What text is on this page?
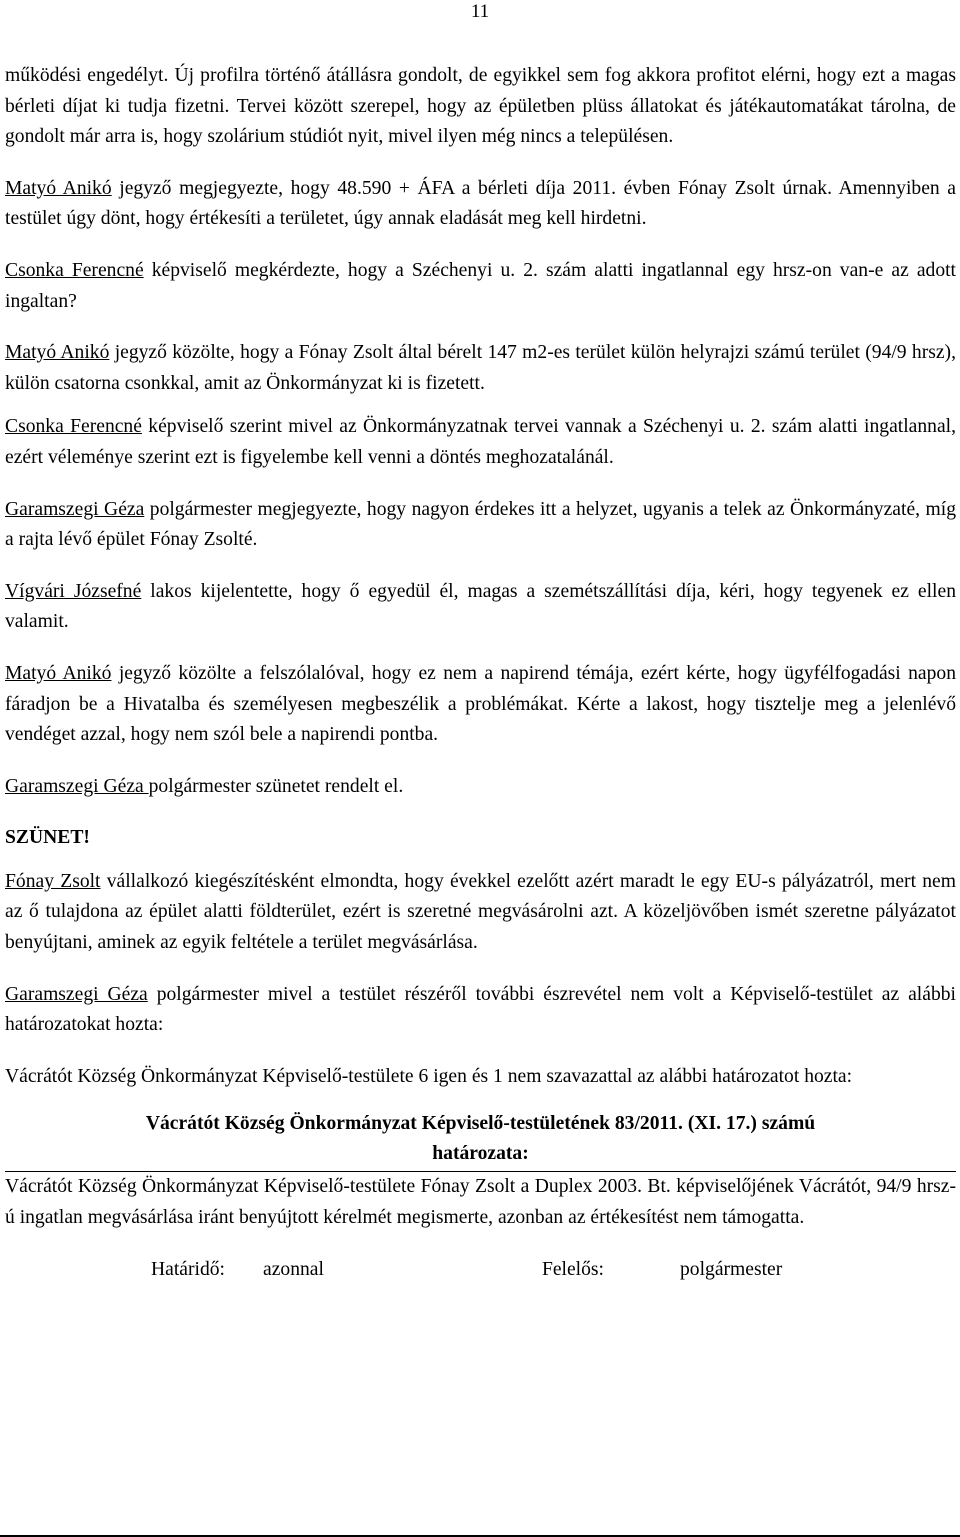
11

működési engedélyt. Új profilra történő átállásra gondolt, de egyikkel sem fog akkora profitot elérni, hogy ezt a magas bérleti díjat ki tudja fizetni. Tervei között szerepel, hogy az épületben plüss állatokat és játékautomatákat tárolna, de gondolt már arra is, hogy szolárium stúdiót nyit, mivel ilyen még nincs a településen.

Matyó Anikó jegyző megjegyezte, hogy 48.590 + ÁFA a bérleti díja 2011. évben Fónay Zsolt úrnak. Amennyiben a testület úgy dönt, hogy értékesíti a területet, úgy annak eladását meg kell hirdetni.

Csonka Ferencné képviselő megkérdezte, hogy a Széchenyi u. 2. szám alatti ingatlannal egy hrsz-on van-e az adott ingaltan?

Matyó Anikó jegyző közölte, hogy a Fónay Zsolt által bérelt 147 m2-es terület külön helyrajzi számú terület (94/9 hrsz), külön csatorna csonkkal, amit az Önkormányzat ki is fizetett.

Csonka Ferencné képviselő szerint mivel az Önkormányzatnak tervei vannak a Széchenyi u. 2. szám alatti ingatlannal, ezért véleménye szerint ezt is figyelembe kell venni a döntés meghozatalánál.

Garamszegi Géza polgármester megjegyezte, hogy nagyon érdekes itt a helyzet, ugyanis a telek az Önkormányzaté, míg a rajta lévő épület Fónay Zsolté.

Vígvári Józsefné lakos kijelentette, hogy ő egyedül él, magas a szemétszállítási díja, kéri, hogy tegyenek ez ellen valamit.

Matyó Anikó jegyző közölte a felszólalóval, hogy ez nem a napirend témája, ezért kérte, hogy ügyfélfogadási napon fáradjon be a Hivatalba és személyesen megbeszélik a problémákat. Kérte a lakost, hogy tisztelje meg a jelenlévő vendéget azzal, hogy nem szól bele a napirendi pontba.

Garamszegi Géza polgármester szünetet rendelt el.

SZÜNET!

Fónay Zsolt vállalkozó kiegészítésként elmondta, hogy évekkel ezelőtt azért maradt le egy EU-s pályázatról, mert nem az ő tulajdona az épület alatti földterület, ezért is szeretné megvásárolni azt. A közeljövőben ismét szeretne pályázatot benyújtani, aminek az egyik feltétele a terület megvásárlása.

Garamszegi Géza polgármester mivel a testület részéről további észrevétel nem volt a Képviselő-testület az alábbi határozatokat hozta:

Vácrátót Község Önkormányzat Képviselő-testülete 6 igen és 1 nem szavazattal az alábbi határozatot hozta:

Vácrátót Község Önkormányzat Képviselő-testületének 83/2011. (XI. 17.) számú

határozata:

Vácrátót Község Önkormányzat Képviselő-testülete Fónay Zsolt a Duplex 2003. Bt. képviselőjének Vácrátót, 94/9 hrsz-ú ingatlan megvásárlása iránt benyújtott kérelmét megismerte, azonban az értékesítést nem támogatta.

Határidő: azonnal	Felelős:	polgármester
